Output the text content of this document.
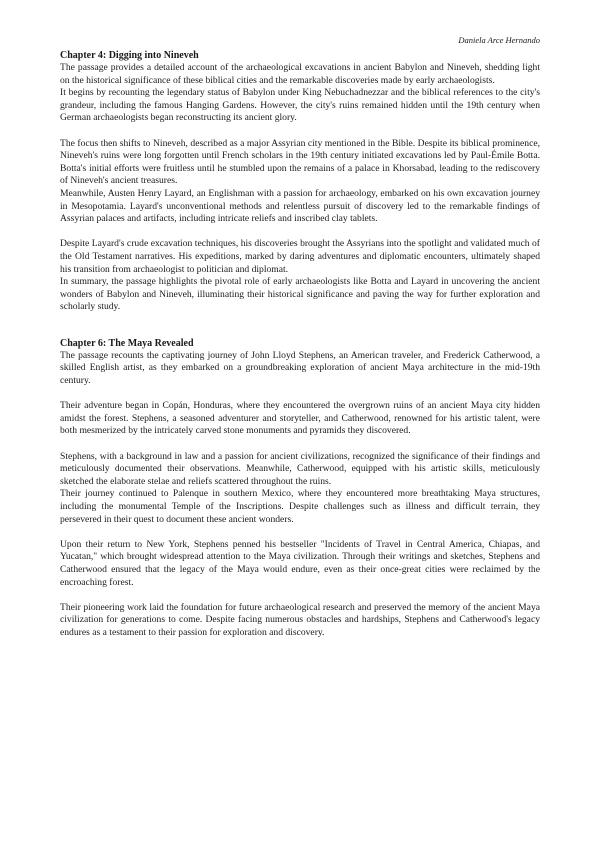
Daniela Arce Hernando
Chapter 4: Digging into Nineveh

The passage provides a detailed account of the archaeological excavations in ancient Babylon and Nineveh, shedding light on the historical significance of these biblical cities and the remarkable discoveries made by early archaeologists.

It begins by recounting the legendary status of Babylon under King Nebuchadnezzar and the biblical references to the city's grandeur, including the famous Hanging Gardens. However, the city's ruins remained hidden until the 19th century when German archaeologists began reconstructing its ancient glory.

The focus then shifts to Nineveh, described as a major Assyrian city mentioned in the Bible. Despite its biblical prominence, Nineveh's ruins were long forgotten until French scholars in the 19th century initiated excavations led by Paul-Émile Botta. Botta's initial efforts were fruitless until he stumbled upon the remains of a palace in Khorsabad, leading to the rediscovery of Nineveh's ancient treasures.

Meanwhile, Austen Henry Layard, an Englishman with a passion for archaeology, embarked on his own excavation journey in Mesopotamia. Layard's unconventional methods and relentless pursuit of discovery led to the remarkable findings of Assyrian palaces and artifacts, including intricate reliefs and inscribed clay tablets.

Despite Layard's crude excavation techniques, his discoveries brought the Assyrians into the spotlight and validated much of the Old Testament narratives. His expeditions, marked by daring adventures and diplomatic encounters, ultimately shaped his transition from archaeologist to politician and diplomat.

In summary, the passage highlights the pivotal role of early archaeologists like Botta and Layard in uncovering the ancient wonders of Babylon and Nineveh, illuminating their historical significance and paving the way for further exploration and scholarly study.

Chapter 6: The Maya Revealed

The passage recounts the captivating journey of John Lloyd Stephens, an American traveler, and Frederick Catherwood, a skilled English artist, as they embarked on a groundbreaking exploration of ancient Maya architecture in the mid-19th century.

Their adventure began in Copán, Honduras, where they encountered the overgrown ruins of an ancient Maya city hidden amidst the forest. Stephens, a seasoned adventurer and storyteller, and Catherwood, renowned for his artistic talent, were both mesmerized by the intricately carved stone monuments and pyramids they discovered.

Stephens, with a background in law and a passion for ancient civilizations, recognized the significance of their findings and meticulously documented their observations. Meanwhile, Catherwood, equipped with his artistic skills, meticulously sketched the elaborate stelae and reliefs scattered throughout the ruins.

Their journey continued to Palenque in southern Mexico, where they encountered more breathtaking Maya structures, including the monumental Temple of the Inscriptions. Despite challenges such as illness and difficult terrain, they persevered in their quest to document these ancient wonders.

Upon their return to New York, Stephens penned his bestseller "Incidents of Travel in Central America, Chiapas, and Yucatan," which brought widespread attention to the Maya civilization. Through their writings and sketches, Stephens and Catherwood ensured that the legacy of the Maya would endure, even as their once-great cities were reclaimed by the encroaching forest.

Their pioneering work laid the foundation for future archaeological research and preserved the memory of the ancient Maya civilization for generations to come. Despite facing numerous obstacles and hardships, Stephens and Catherwood's legacy endures as a testament to their passion for exploration and discovery.
